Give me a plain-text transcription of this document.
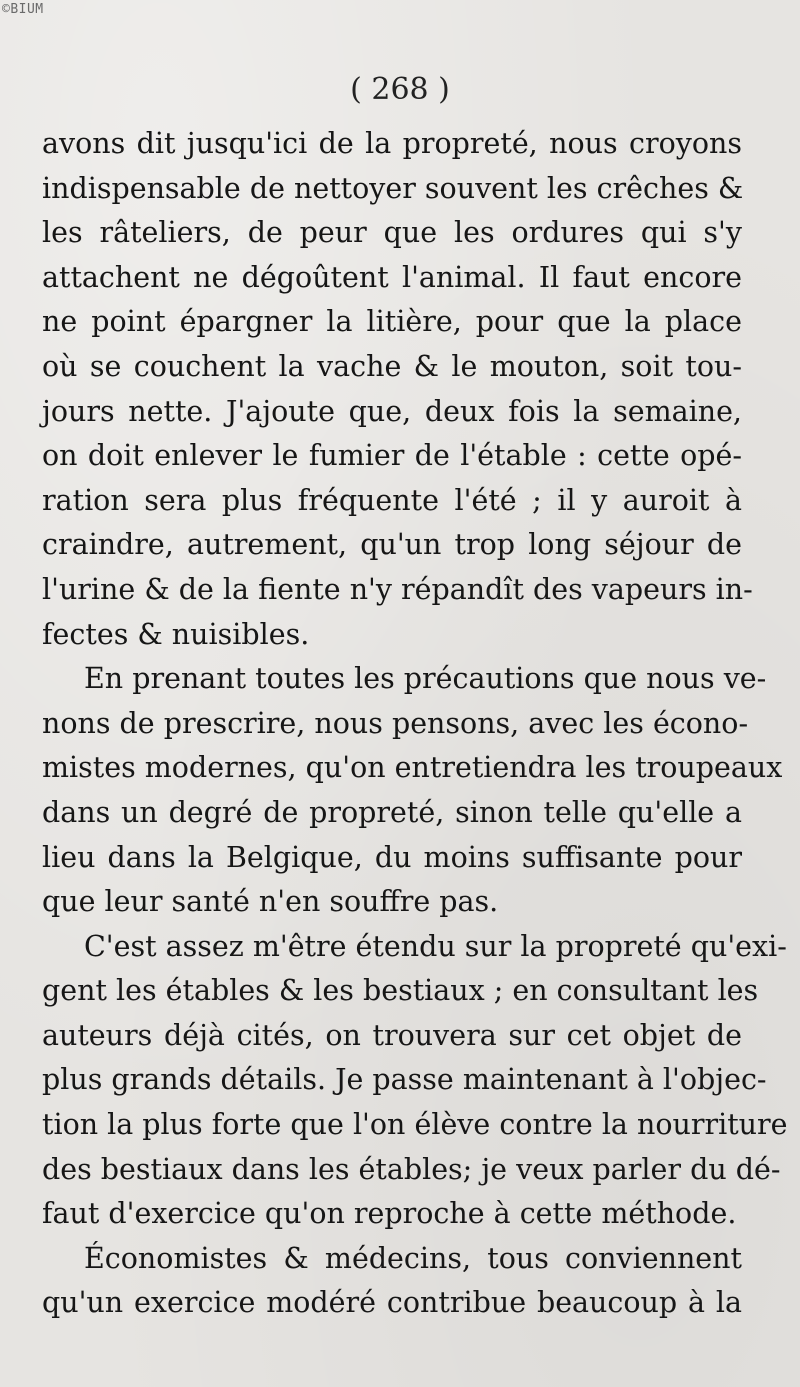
©BIUM
( 268 )
avons dit jusqu'ici de la propreté, nous croyons
indispensable de nettoyer souvent les crêches &
les râteliers, de peur que les ordures qui s'y
attachent ne dégoûtent l'animal. Il faut encore
ne point épargner la litière, pour que la place
où se couchent la vache & le mouton, soit tou-
jours nette. J'ajoute que, deux fois la semaine,
on doit enlever le fumier de l'étable : cette opé-
ration sera plus fréquente l'été ; il y auroit à
craindre, autrement, qu'un trop long séjour de
l'urine & de la fiente n'y répandît des vapeurs in-
fectes & nuisibles.
En prenant toutes les précautions que nous ve-
nons de prescrire, nous pensons, avec les écono-
mistes modernes, qu'on entretiendra les troupeaux
dans un degré de propreté, sinon telle qu'elle a
lieu dans la Belgique, du moins suffisante pour
que leur santé n'en souffre pas.
C'est assez m'être étendu sur la propreté qu'exi-
gent les étables & les bestiaux ; en consultant les
auteurs déjà cités, on trouvera sur cet objet de
plus grands détails. Je passe maintenant à l'objec-
tion la plus forte que l'on élève contre la nourriture
des bestiaux dans les étables; je veux parler du dé-
faut d'exercice qu'on reproche à cette méthode.
Économistes & médecins, tous conviennent
qu'un exercice modéré contribue beaucoup à la
